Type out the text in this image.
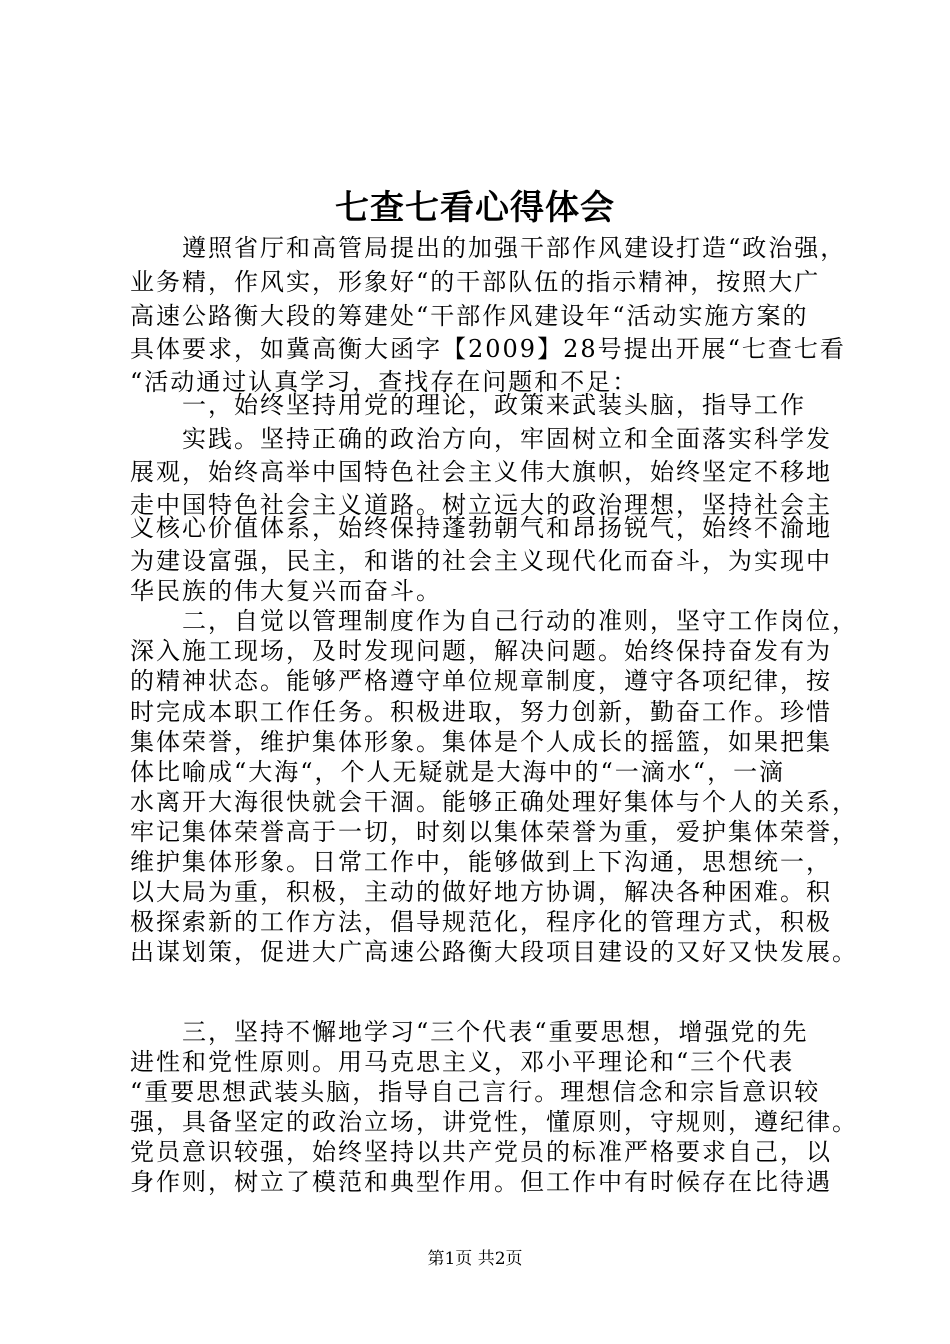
七查七看心得体会
　　遵照省厅和高管局提出的加强干部作风建设打造“政治强，
业务精，作风实，形象好“的干部队伍的指示精神，按照大广
高速公路衡大段的筹建处“干部作风建设年“活动实施方案的
具体要求，如冀高衡大函字【2009】28号提出开展“七查七看
“活动通过认真学习，查找存在问题和不足：
　　一，始终坚持用党的理论，政策来武装头脑，指导工作
　　实践。坚持正确的政治方向，牢固树立和全面落实科学发
展观，始终高举中国特色社会主义伟大旗帜，始终坚定不移地
走中国特色社会主义道路。树立远大的政治理想，坚持社会主
义核心价值体系，始终保持蓬勃朝气和昂扬锐气，始终不渝地
为建设富强，民主，和谐的社会主义现代化而奋斗，为实现中
华民族的伟大复兴而奋斗。
　　二，自觉以管理制度作为自己行动的准则，坚守工作岗位，
深入施工现场，及时发现问题，解决问题。始终保持奋发有为
的精神状态。能够严格遵守单位规章制度，遵守各项纪律，按
时完成本职工作任务。积极进取，努力创新，勤奋工作。珍惜
集体荣誉，维护集体形象。集体是个人成长的摇篮，如果把集
体比喻成“大海“，个人无疑就是大海中的“一滴水“，一滴
水离开大海很快就会干涸。能够正确处理好集体与个人的关系，
牢记集体荣誉高于一切，时刻以集体荣誉为重，爱护集体荣誉，
维护集体形象。日常工作中，能够做到上下沟通，思想统一，
以大局为重，积极，主动的做好地方协调，解决各种困难。积
极探索新的工作方法，倡导规范化，程序化的管理方式，积极
出谋划策，促进大广高速公路衡大段项目建设的又好又快发展。
　　三，坚持不懈地学习“三个代表“重要思想，增强党的先
进性和党性原则。用马克思主义，邓小平理论和“三个代表
“重要思想武装头脑，指导自己言行。理想信念和宗旨意识较
强，具备坚定的政治立场，讲党性，懂原则，守规则，遵纪律。
党员意识较强，始终坚持以共产党员的标准严格要求自己，以
身作则，树立了模范和典型作用。但工作中有时候存在比待遇
第1页 共2页
